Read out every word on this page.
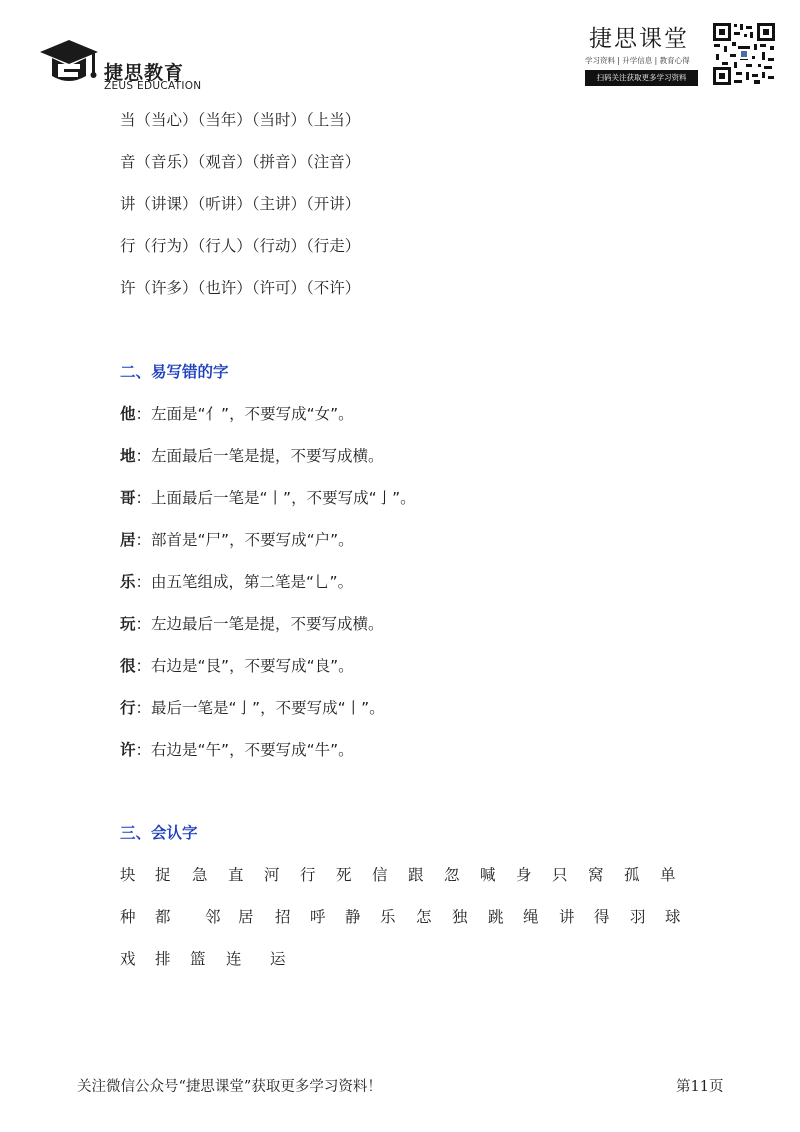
捷思教育
ZEUS EDUCATION
捷思课堂
学习资料 | 升学信息 | 教育心得
扫码关注获取更多学习资料
当（当心）（当年）（当时）（上当）
音（音乐）（观音）（拼音）（注音）
讲（讲课）（听讲）（主讲）（开讲）
行（行为）（行人）（行动）（行走）
许（许多）（也许）（许可）（不许）
二、易写错的字
他：左面是“亻”，不要写成“女”。
地：左面最后一笔是提，不要写成横。
哥：上面最后一笔是“丨”，不要写成“亅”。
居：部首是“尸”，不要写成“户”。
乐：由五笔组成，第二笔是“乚”。
玩：左边最后一笔是提，不要写成横。
很：右边是“艮”，不要写成“良”。
行：最后一笔是“亅”，不要写成“丨”。
许：右边是“午”，不要写成“牛”。
三、会认字
块 捉 急 直 河 行 死 信 跟 忽 喊 身 只 窝 孤 单
种 都 邻 居 招 呼 静 乐 怎 独 跳 绳 讲 得 羽 球
戏 排 篮 连 运
关注微信公众号“捷思课堂”获取更多学习资料！	第11页
